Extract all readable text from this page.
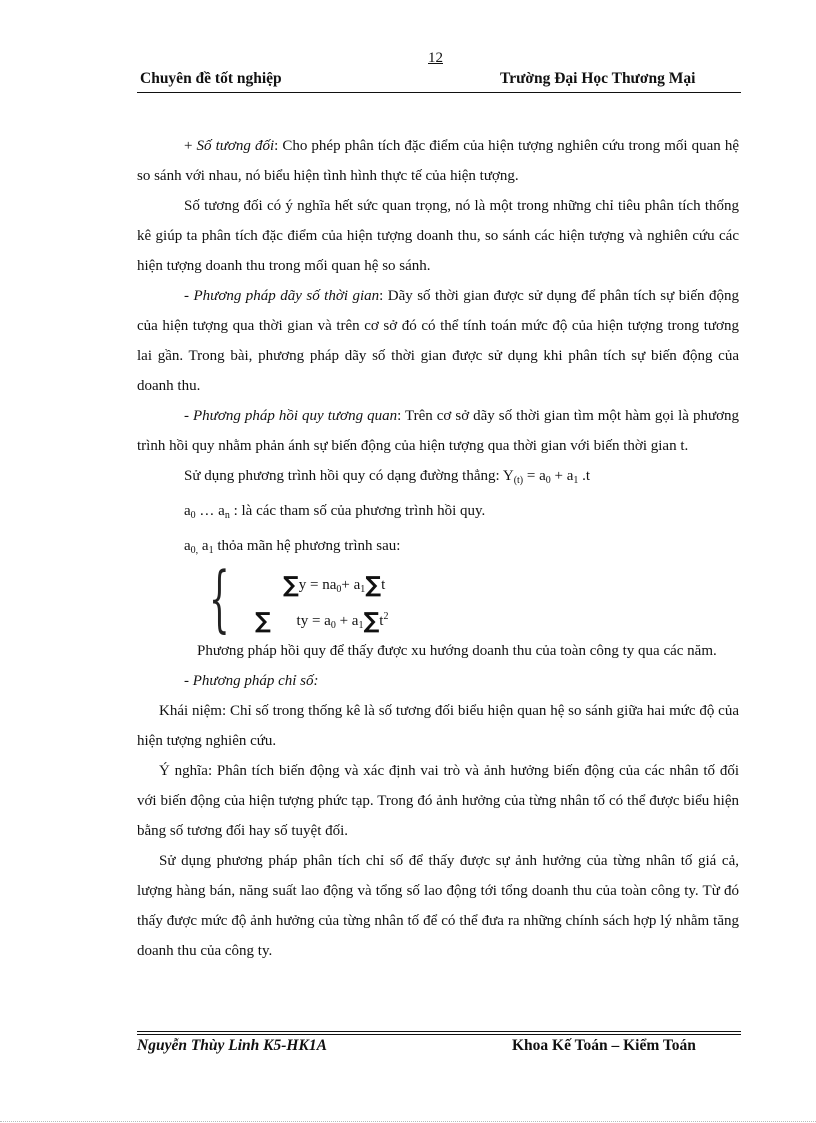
12
Chuyên đề tốt nghiệp	Trường Đại Học Thương Mại

+ Số tương đối: Cho phép phân tích đặc điểm của hiện tượng nghiên cứu trong mối quan hệ so sánh với nhau, nó biểu hiện tình hình thực tế của hiện tượng.

Số tương đối có ý nghĩa hết sức quan trọng, nó là một trong những chỉ tiêu phân tích thống kê giúp ta phân tích đặc điểm của hiện tượng doanh thu, so sánh các hiện tượng và nghiên cứu các hiện tượng doanh thu trong mối quan hệ so sánh.

- Phương pháp dãy số thời gian: Dãy số thời gian được sử dụng để phân tích sự biến động của hiện tượng qua thời gian và trên cơ sở đó có thể tính toán mức độ của hiện tượng trong tương lai gần. Trong bài, phương pháp dãy số thời gian được sử dụng khi phân tích sự biến động của doanh thu.

- Phương pháp hồi quy tương quan: Trên cơ sở dãy số thời gian tìm một hàm gọi là phương trình hồi quy nhằm phản ánh sự biến động của hiện tượng qua thời gian với biến thời gian t.

Sử dụng phương trình hồi quy có dạng đường thẳng: $Y_{(t)} = a_0 + a_1$ .t

$a_0$ … $a_n$ : là các tham số của phương trình hồi quy.

$a_{0,}$ $a_1$ thỏa mãn hệ phương trình sau:

{ $\sum y = na_0+ a_1\sum t$
∑ ty = $a_0 + a_1\sum t^2$

Phương pháp hồi quy để thấy được xu hướng doanh thu của toàn công ty qua các năm.

- Phương pháp chỉ số:

Khái niệm: Chỉ số trong thống kê là số tương đối biểu hiện quan hệ so sánh giữa hai mức độ của hiện tượng nghiên cứu.

Ý nghĩa: Phân tích biến động và xác định vai trò và ảnh hưởng biến động của các nhân tố đối với biến động của hiện tượng phức tạp. Trong đó ảnh hưởng của từng nhân tố có thể được biểu hiện bằng số tương đối hay số tuyệt đối.

Sử dụng phương pháp phân tích chỉ số để thấy được sự ảnh hưởng của từng nhân tố giá cả, lượng hàng bán, năng suất lao động và tổng số lao động tới tổng doanh thu của toàn công ty. Từ đó thấy được mức độ ảnh hưởng của từng nhân tố để có thể đưa ra những chính sách hợp lý nhằm tăng doanh thu của công ty.

Nguyễn Thùy Linh K5-HK1A	Khoa Kế Toán – Kiểm Toán
